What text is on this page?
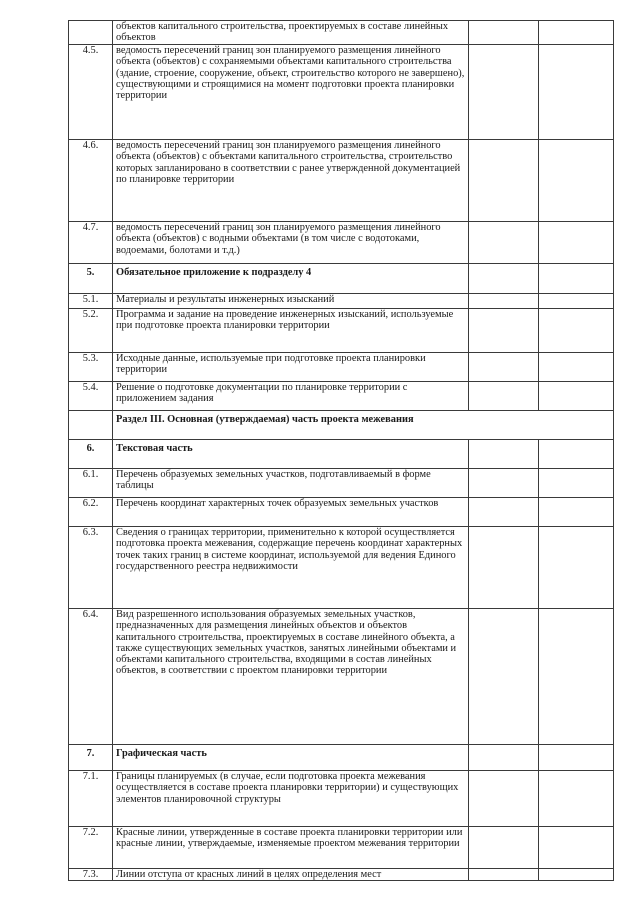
	объектов капитального строительства, проектируемых в составе линейных объектов		
4.5.	ведомость пересечений границ зон планируемого размещения линейного объекта (объектов) с сохраняемыми объектами капитального строительства (здание, строение, сооружение, объект, строительство которого не завершено), существующими и строящимися на момент подготовки проекта планировки территории		
4.6.	ведомость пересечений границ зон планируемого размещения линейного объекта (объектов) с объектами капитального строительства, строительство которых запланировано в соответствии с ранее утвержденной документацией по планировке территории		
4.7.	ведомость пересечений границ зон планируемого размещения линейного объекта (объектов) с водными объектами (в том числе с водотоками, водоемами, болотами и т.д.)		
5.	Обязательное приложение к подразделу 4		
5.1.	Материалы и результаты инженерных изысканий		
5.2.	Программа и задание на проведение инженерных изысканий, используемые при подготовке проекта планировки территории		
5.3.	Исходные данные, используемые при подготовке проекта планировки территории		
5.4.	Решение о подготовке документации по планировке территории с приложением задания		
	Раздел III. Основная (утверждаемая) часть проекта межевания		
6.	Текстовая часть		
6.1.	Перечень образуемых земельных участков, подготавливаемый в форме таблицы		
6.2.	Перечень координат характерных точек образуемых земельных участков		
6.3.	Сведения о границах территории, применительно к которой осуществляется подготовка проекта межевания, содержащие перечень координат характерных точек таких границ в системе координат, используемой для ведения Единого государственного реестра недвижимости		
6.4.	Вид разрешенного использования образуемых земельных участков, предназначенных для размещения линейных объектов и объектов капитального строительства, проектируемых в составе линейного объекта, а также существующих земельных участков, занятых линейными объектами и объектами капитального строительства, входящими в состав линейных объектов, в соответствии с проектом планировки территории		
7.	Графическая часть		
7.1.	Границы планируемых (в случае, если подготовка проекта межевания осуществляется в составе проекта планировки территории) и существующих элементов планировочной структуры		
7.2.	Красные линии, утвержденные в составе проекта планировки территории или красные линии, утверждаемые, изменяемые проектом межевания территории		
7.3.	Линии отступа от красных линий в целях определения мест		
